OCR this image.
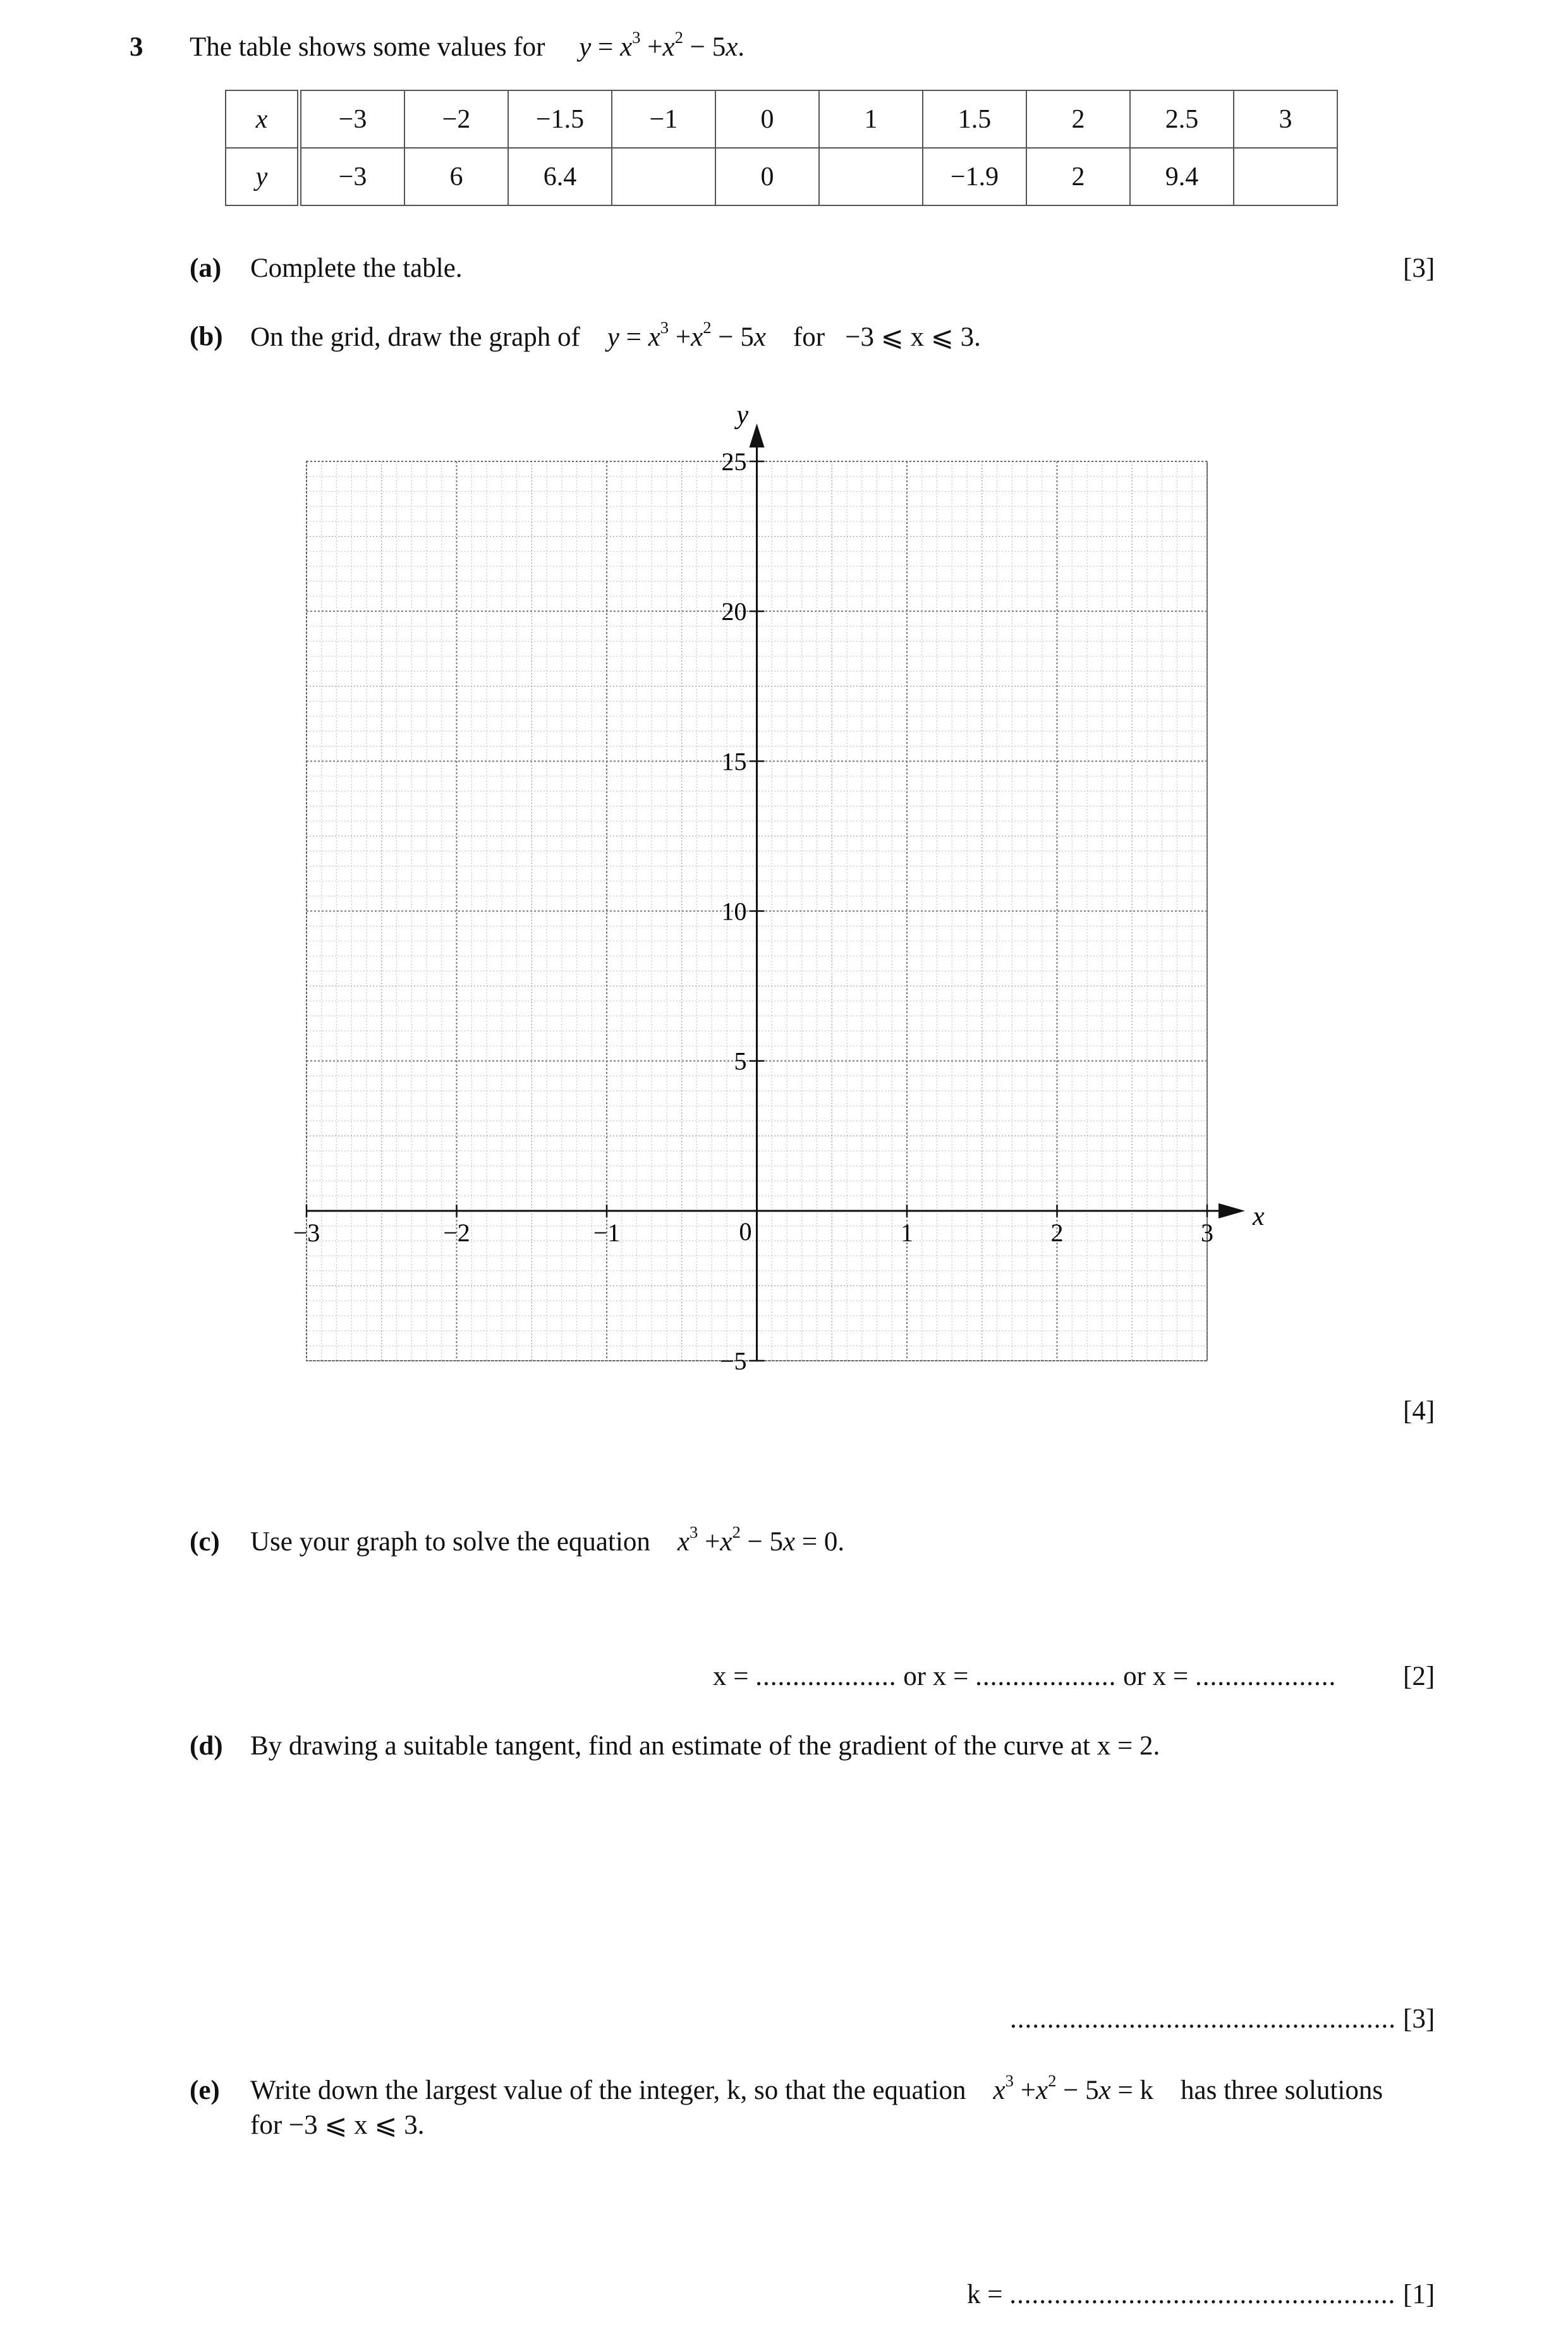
3 The table shows some values for $y = x^3 +x^2 - 5x$.
x	−3	−2	−1.5	−1	0	1	1.5	2	2.5	3
y	−3	6	6.4		0		−1.9	2	9.4	
(a) Complete the table.	[3]
(b) On the grid, draw the graph of $y = x^3 +x^2 - 5x$ for −3 ⩽ x ⩽ 3.
x
y
−3	−2	−1	1	2	3
−5
5
10
15
20
25
0
[4]
(c) Use your graph to solve the equation $x^3 +x^2 - 5x = 0$.
x = ................... or x = ................... or x = ................... [2]
(d) By drawing a suitable tangent, find an estimate of the gradient of the curve at x = 2.
.................................................... [3]
(e) Write down the largest value of the integer, k, so that the equation $x^3 +x^2 - 5x = k$ has three solutions
for −3 ⩽ x ⩽ 3.
k = .................................................... [1]
